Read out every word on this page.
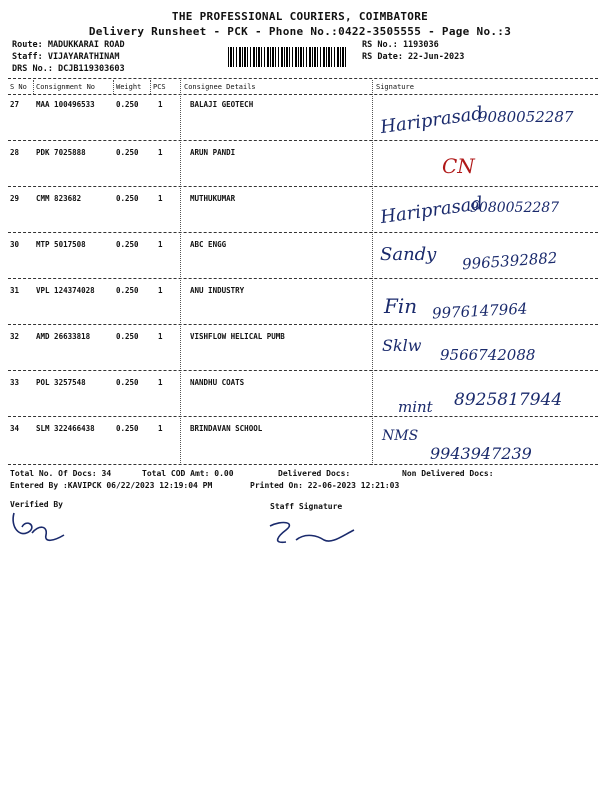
THE PROFESSIONAL COURIERS, COIMBATORE
Delivery Runsheet - PCK - Phone No.:0422-3505555 - Page No.:3
Route: MADUKKARAI ROAD
Staff: VIJAYARATHINAM
DRS No.: DCJB119303603
RS No.: 1193036
RS Date: 22-Jun-2023
S No Consignment No	Weight PCS	Consignee Details	Signature
27 MAA 100496533	0.250	1	BALAJI GEOTECH	Hariprasad
9080052287
28 PDK 7025888	0.250	1	ARUN PANDI
CN
29 CMM 823682	0.250	1	MUTHUKUMAR	Hariprasad
9080052287
30 MTP 5017508	0.250	1	ABC ENGG	Sandy 9965392882
31 VPL 124374028	0.250	1	ANU INDUSTRY
Fin 9976147964
32 AMD 26633818	0.250	1	VISHFLOW HELICAL PUMB	Sklw 9566742088
33 POL 3257548	0.250	1	NANDHU COATS
mint 8925817944
34 SLM 322466438	0.250	1	BRINDAVAN SCHOOL	NMS
9943947239
Total No. Of Docs: 34	Total COD Amt: 0.00	Delivered Docs:	Non Delivered Docs:
Entered By :KAVIPCK 06/22/2023 12:19:04 PM	Printed On: 22-06-2023 12:21:03
Verified By	Staff Signature
